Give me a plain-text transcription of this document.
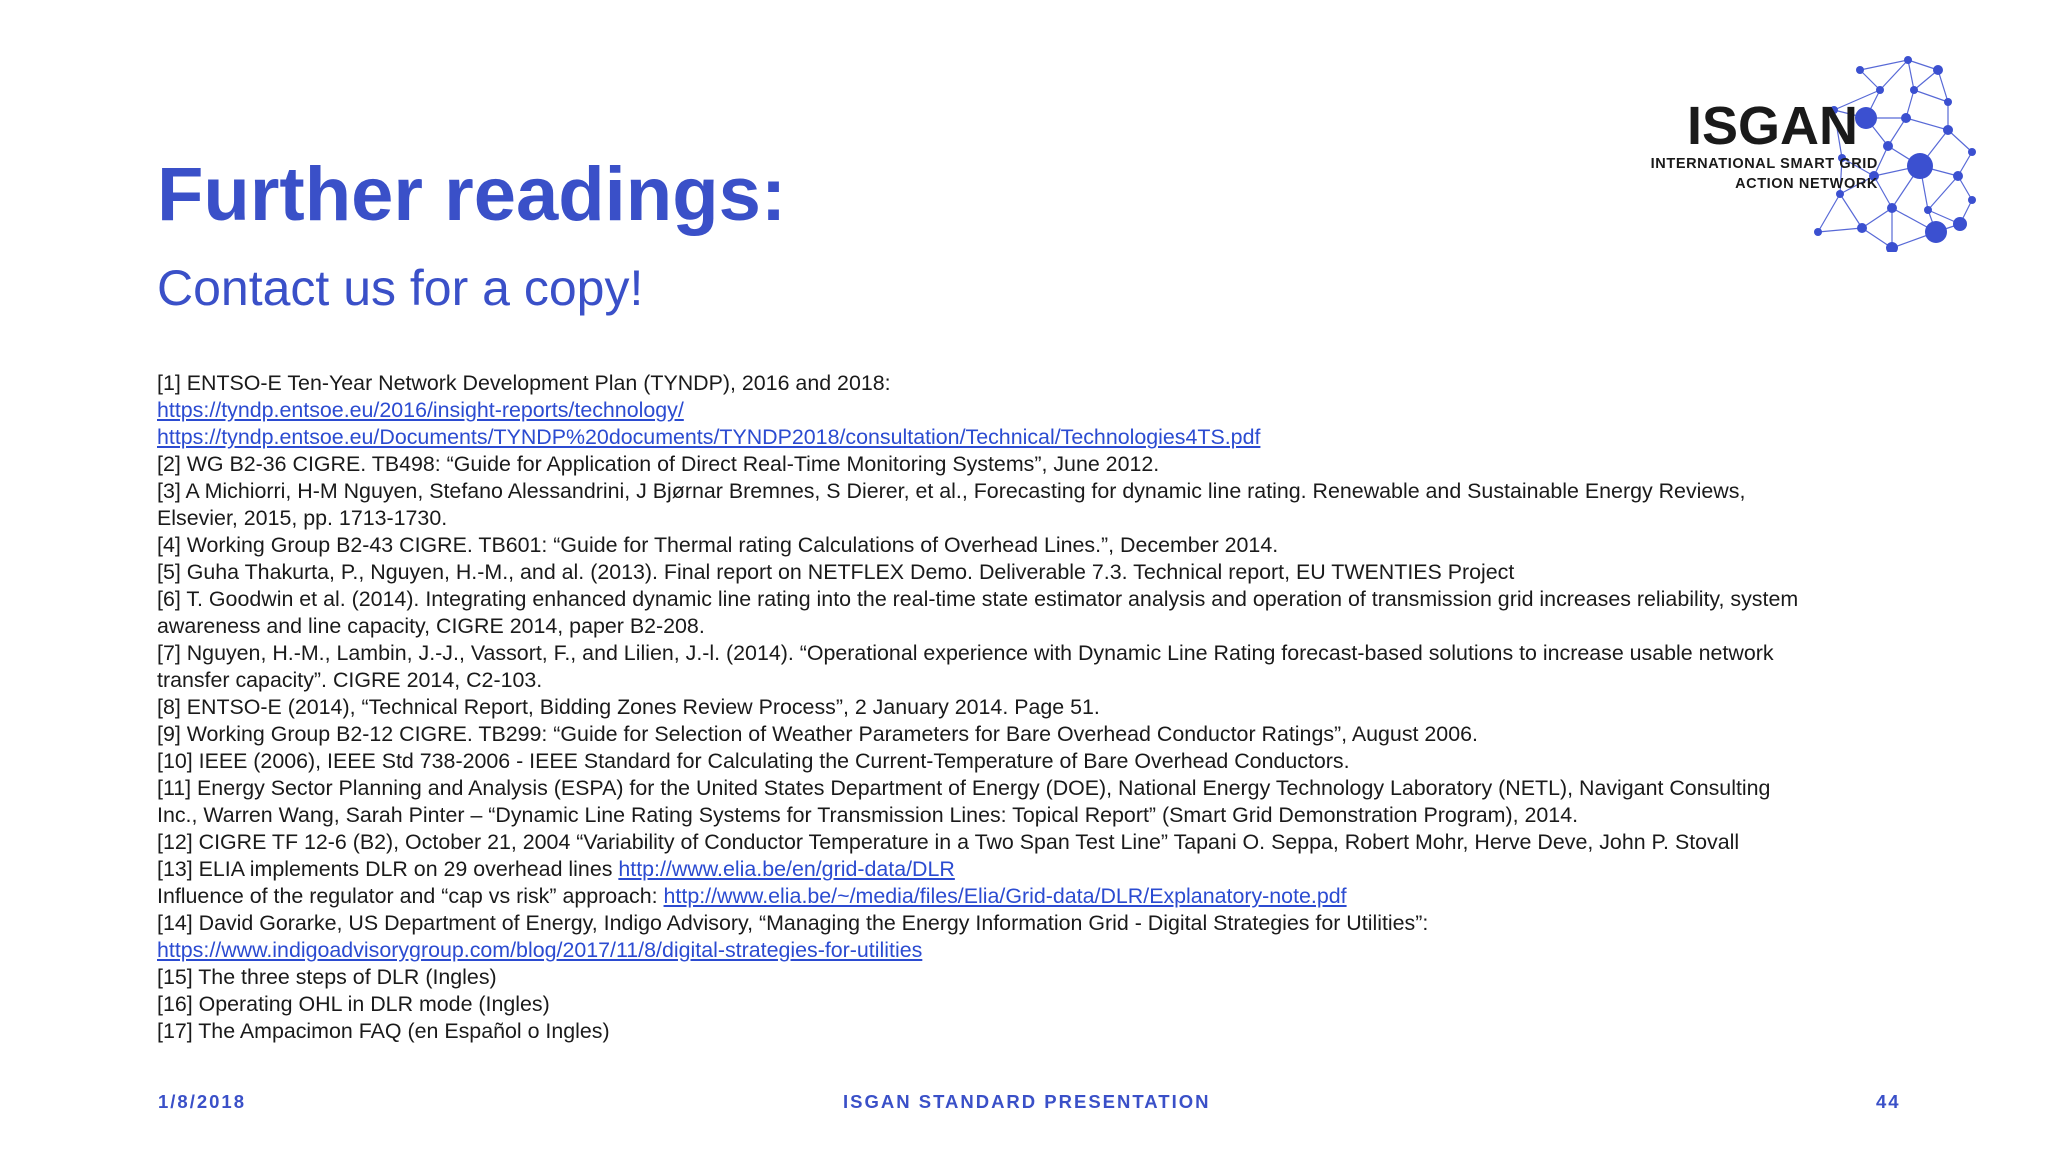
ISGAN
INTERNATIONAL SMART GRID
ACTION NETWORK
Further readings:
Contact us for a copy!
[1] ENTSO-E Ten-Year Network Development Plan (TYNDP), 2016 and 2018:
https://tyndp.entsoe.eu/2016/insight-reports/technology/
https://tyndp.entsoe.eu/Documents/TYNDP%20documents/TYNDP2018/consultation/Technical/Technologies4TS.pdf
[2] WG B2-36 CIGRE. TB498: “Guide for Application of Direct Real-Time Monitoring Systems”, June 2012.
[3] A Michiorri, H-M Nguyen, Stefano Alessandrini, J Bjørnar Bremnes, S Dierer, et al., Forecasting for dynamic line rating. Renewable and Sustainable Energy Reviews,
Elsevier, 2015, pp. 1713-1730.
[4] Working Group B2-43 CIGRE. TB601: “Guide for Thermal rating Calculations of Overhead Lines.”, December 2014.
[5] Guha Thakurta, P., Nguyen, H.-M., and al. (2013). Final report on NETFLEX Demo. Deliverable 7.3. Technical report, EU TWENTIES Project
[6] T. Goodwin et al. (2014). Integrating enhanced dynamic line rating into the real-time state estimator analysis and operation of transmission grid increases reliability, system
awareness and line capacity, CIGRE 2014, paper B2-208.
[7] Nguyen, H.-M., Lambin, J.-J., Vassort, F., and Lilien, J.-l. (2014). “Operational experience with Dynamic Line Rating forecast-based solutions to increase usable network
transfer capacity”. CIGRE 2014, C2-103.
[8] ENTSO-E (2014), “Technical Report, Bidding Zones Review Process”, 2 January 2014. Page 51.
[9] Working Group B2-12 CIGRE. TB299: “Guide for Selection of Weather Parameters for Bare Overhead Conductor Ratings”, August 2006.
[10] IEEE (2006), IEEE Std 738-2006 - IEEE Standard for Calculating the Current-Temperature of Bare Overhead Conductors.
[11] Energy Sector Planning and Analysis (ESPA) for the United States Department of Energy (DOE), National Energy Technology Laboratory (NETL), Navigant Consulting
Inc., Warren Wang, Sarah Pinter – “Dynamic Line Rating Systems for Transmission Lines: Topical Report” (Smart Grid Demonstration Program), 2014.
[12] CIGRE TF 12-6 (B2), October 21, 2004 “Variability of Conductor Temperature in a Two Span Test Line” Tapani O. Seppa, Robert Mohr, Herve Deve, John P. Stovall
[13] ELIA implements DLR on 29 overhead lines http://www.elia.be/en/grid-data/DLR
Influence of the regulator and “cap vs risk” approach: http://www.elia.be/~/media/files/Elia/Grid-data/DLR/Explanatory-note.pdf
[14] David Gorarke, US Department of Energy, Indigo Advisory, “Managing the Energy Information Grid - Digital Strategies for Utilities”:
https://www.indigoadvisorygroup.com/blog/2017/11/8/digital-strategies-for-utilities
[15] The three steps of DLR (Ingles)
[16] Operating OHL in DLR mode (Ingles)
[17] The Ampacimon FAQ (en Español o Ingles)
1/8/2018	ISGAN STANDARD PRESENTATION	44
